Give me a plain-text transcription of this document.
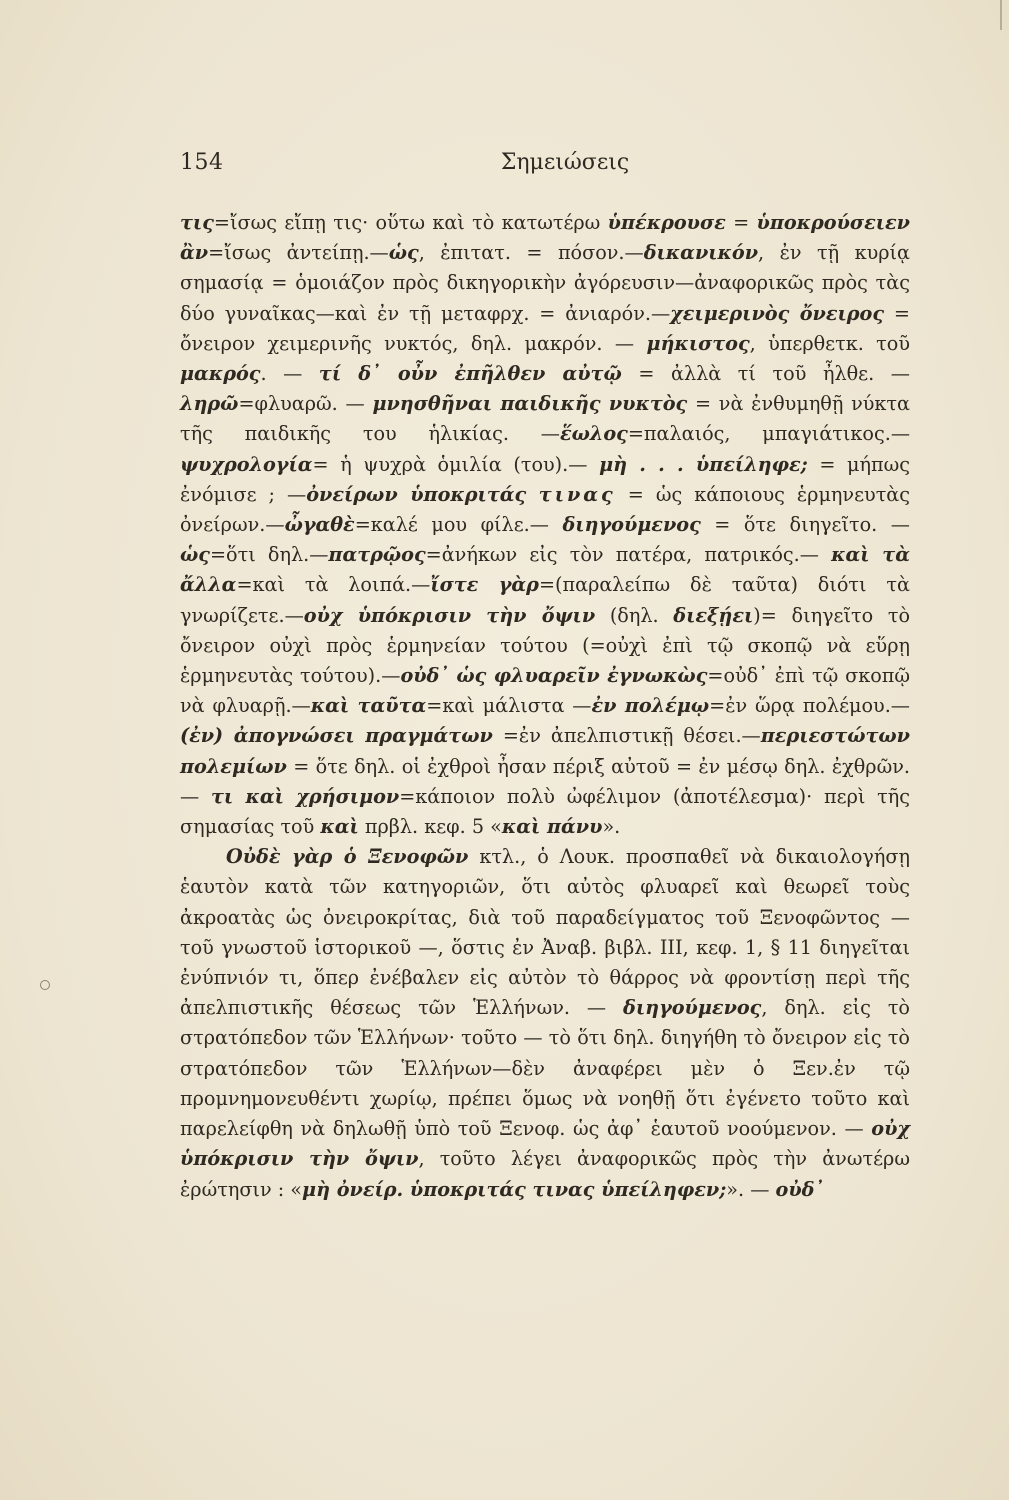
154	Σημειώσεις

τις=ἴσως εἴπῃ τις· οὕτω καὶ τὸ κατωτέρω ὑπέκρουσε = ὑποκρούσειεν ἂν=ἴσως ἀντείπῃ.—ὡς, ἐπιτατ. = πόσον.—δικανικόν, ἐν τῇ κυρίᾳ σημασίᾳ = ὁμοιάζον πρὸς δικηγορικὴν ἀγόρευσιν—ἀναφορικῶς πρὸς τὰς δύο γυναῖκας—καὶ ἐν τῇ μεταφρχ. = ἀνιαρόν.—χειμερινὸς ὄνειρος = ὄνειρον χειμερινῆς νυκτός, δηλ. μακρόν. — μήκιστος, ὑπερθετκ. τοῦ μακρός. — τί δ᾽ οὖν ἐπῆλθεν αὐτῷ = ἀλλὰ τί τοῦ ἦλθε. —ληρῶ=φλυαρῶ. — μνησθῆναι παιδικῆς νυκτὸς = νὰ ἐνθυμηθῇ νύκτα τῆς παιδικῆς του ἡλικίας. —ἕωλος=παλαιός, μπαγιάτικος.— ψυχρολογία= ἡ ψυχρὰ ὁμιλία (του).— μὴ . . . ὑπείληφε; = μήπως ἐνόμισε ; —ὀνείρων ὑποκριτάς τινας = ὡς κάποιους ἑρμηνευτὰς ὀνείρων.—ὦγαθὲ=καλέ μου φίλε.— διηγούμενος = ὅτε διηγεῖτο. —ὡς=ὅτι δηλ.—πατρῷος=ἀνήκων εἰς τὸν πατέρα, πατρικός.— καὶ τὰ ἄλλα=καὶ τὰ λοιπά.—ἴστε γὰρ=(παραλείπω δὲ ταῦτα) διότι τὰ γνωρίζετε.—οὐχ ὑπόκρισιν τὴν ὄψιν (δηλ. διεξῄει)= διηγεῖτο τὸ ὄνειρον οὐχὶ πρὸς ἑρμηνείαν τούτου (=οὐχὶ ἐπὶ τῷ σκοπῷ νὰ εὕρῃ ἑρμηνευτὰς τούτου).—οὐδ᾽ ὡς φλυαρεῖν ἐγνωκὼς=οὐδ᾽ ἐπὶ τῷ σκοπῷ νὰ φλυαρῇ.—καὶ ταῦτα=καὶ μάλιστα —ἐν πολέμῳ=ἐν ὥρᾳ πολέμου.—(ἐν) ἀπογνώσει πραγμάτων =ἐν ἀπελπιστικῇ θέσει.—περιεστώτων πολεμίων = ὅτε δηλ. οἱ ἐχθροὶ ἦσαν πέριξ αὐτοῦ = ἐν μέσῳ δηλ. ἐχθρῶν. — τι καὶ χρήσιμον=κάποιον πολὺ ὠφέλιμον (ἀποτέλεσμα)· περὶ τῆς σημασίας τοῦ καὶ πρβλ. κεφ. 5 «καὶ πάνυ».

Οὐδὲ γὰρ ὁ Ξενοφῶν κτλ., ὁ Λουκ. προσπαθεῖ νὰ δικαιολογήσῃ ἑαυτὸν κατὰ τῶν κατηγοριῶν, ὅτι αὐτὸς φλυαρεῖ καὶ θεωρεῖ τοὺς ἀκροατὰς ὡς ὀνειροκρίτας, διὰ τοῦ παραδείγματος τοῦ Ξενοφῶντος — τοῦ γνωστοῦ ἱστορικοῦ —, ὅστις ἐν Ἀναβ. βιβλ. III, κεφ. 1, § 11 διηγεῖται ἐνύπνιόν τι, ὅπερ ἐνέβαλεν εἰς αὐτὸν τὸ θάρρος νὰ φροντίσῃ περὶ τῆς ἀπελπιστικῆς θέσεως τῶν Ἑλλήνων. — διηγούμενος, δηλ. εἰς τὸ στρατόπεδον τῶν Ἑλλήνων· τοῦτο — τὸ ὅτι δηλ. διηγήθη τὸ ὄνειρον εἰς τὸ στρατόπεδον τῶν Ἑλλήνων—δὲν ἀναφέρει μὲν ὁ Ξεν.ἐν τῷ προμνημονευθέντι χωρίῳ, πρέπει ὅμως νὰ νοηθῇ ὅτι ἐγένετο τοῦτο καὶ παρελείφθη νὰ δηλωθῇ ὑπὸ τοῦ Ξενοφ. ὡς ἀφ᾽ ἑαυτοῦ νοούμενον. — οὐχ ὑπόκρισιν τὴν ὄψιν, τοῦτο λέγει ἀναφορικῶς πρὸς τὴν ἀνωτέρω ἐρώτησιν : «μὴ ὀνείρ. ὑποκριτάς τινας ὑπείληφεν;». — οὐδ᾽
